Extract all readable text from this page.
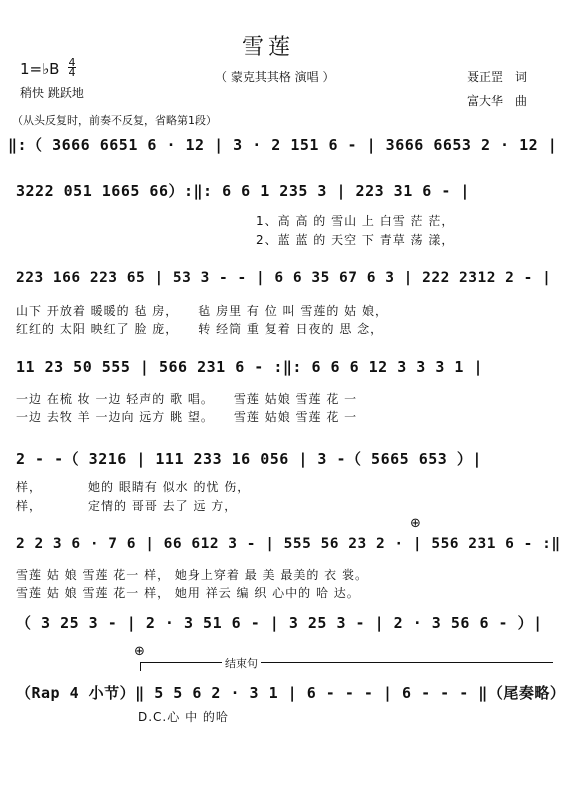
雪莲
（ 蒙克其其格 演唱 ）	聂正罡　词
富大华　曲
1=♭B 4
4
稍快 跳跃地
（从头反复时，前奏不反复，省略第1段）
‖:（ 3666 6651 6 · 12 | 3 · 2 151 6 - | 3666 6653 2 · 12 |
3222 051 1665 66）:‖: 6 6 1 235 3 | 223 31 6 - |
1、高 高 的 雪山 上 白雪 茫 茫，
2、蓝 蓝 的 天空 下 青草 荡 漾，
223 166 223 65 | 53 3 - - | 6 6 35 67 6 3 | 222 2312 2 - |
山下 开放着 暖暖的 毡 房，　　毡 房里 有 位 叫 雪莲的 姑 娘，
红红的 太阳 映红了 脸 庞，　　转 经筒 重 复着 日夜的 思 念，
11 23 50 555 | 566 231 6 - :‖: 6 6 6 12 3 3 3 1 |
一边 在梳 妆 一边 轻声的 歌 唱。　　雪莲 姑娘 雪莲 花 一
一边 去牧 羊 一边向 远方 眺 望。　　雪莲 姑娘 雪莲 花 一
2 - -（ 3216 | 111 233 16 056 | 3 -（ 5665 653 ）|
样，　　　　她的 眼睛有 似水 的忧 伤，
样，　　　　定情的 哥哥 去了 远 方，
⊕
2 2 3 6 · 7 6 | 66 612 3 - | 555 56 23 2 · | 556 231 6 - :‖
雪莲 姑 娘 雪莲 花一 样， 她身上穿着 最 美 最美的 衣 裳。
雪莲 姑 娘 雪莲 花一 样， 她用 祥云 编 织 心中的 哈 达。
（ 3 25 3 - | 2 · 3 51 6 - | 3 25 3 - | 2 · 3 56 6 - ）|
⊕
结束句
（Rap 4 小节）‖ 5 5 6 2 · 3 1 | 6 - - - | 6 - - - ‖（尾奏略）
D.C.心 中 的哈
